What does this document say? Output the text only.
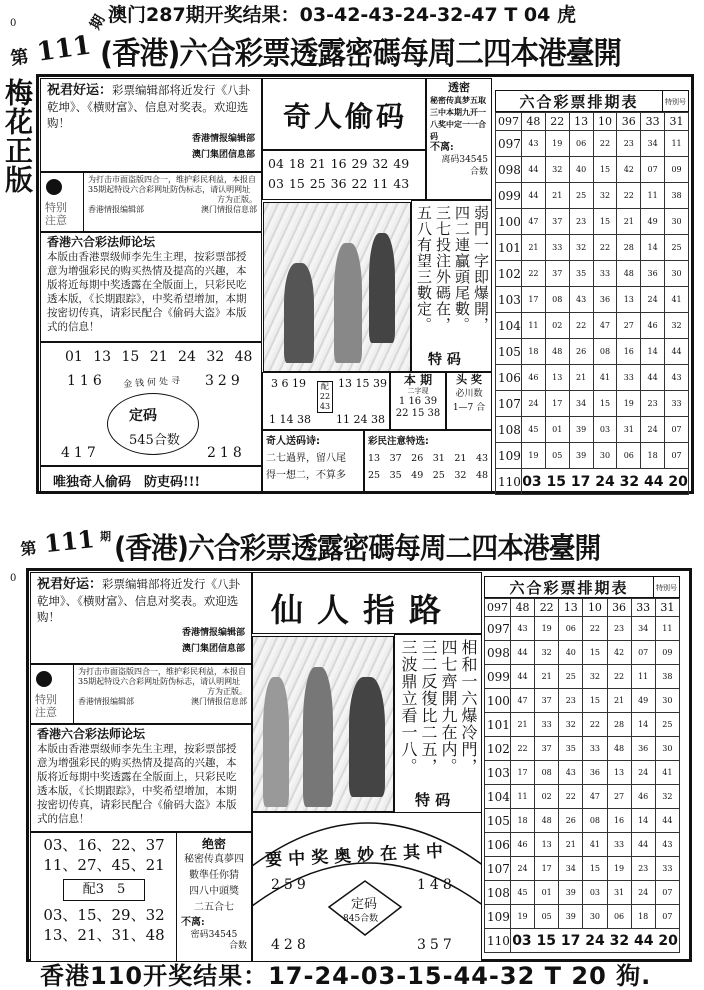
澳门287期开奖结果：03-42-43-24-32-47 T 04 虎
0
第 111
期
(香港)六合彩票透露密碼每周二四本港臺開
梅花正版 祝君好运：彩票编辑部将近发行《八卦乾坤》、《横财富》、信息对奖表。欢迎选购！
香港情报编辑部
澳门集团信息部
特别注意
为打击市面盗版四合一，维护彩民利益，本报自35期起特设六合彩网址防伪标志，请认明网址
方为正版。
香港情报编辑部	澳门情报信息部
香港六合彩法师论坛
本版由香港票级师李先生主理，按彩票部授意为增强彩民的购买热情及提高的兴趣，本版将近每期中奖透露在全版面上，只彩民吃透本版，《长期跟踪》，中奖希望增加，本期按密切传真，请彩民配合《偷码大盗》本版式的信息！
01 13 15 21 24 32 48
116	329
金钱何处寻
定码
545合数
417	218
唯独奇人偷码　防吏码!!!
奇人偷码
04 18 21 16 29 32 49
03 15 25 36 22 11 43
透密
秘密传真梦五取三中本期九开一八奖中定一一合码
不离:
离码34545
合数
弱門一字即爆開，
四二連贏頭尾數。
三七投注外碼在，
五八有望三數定。
特 码
3 6 19
1 14 38
配
22
43
13 15 39
11 24 38
本 期
二字现
1 16 39
22 15 38
头 奖
必川数
1—7 合
奇人送码诗:
二七過界，留八尾
得一想二，不算多
彩民注意特选:
13　37　26　31　21　43
25　35　49　25　32　48
六合彩票排期表	特别号
097	48	22	13	10	36	33	31
097	43	19	06	22	23	34	11
098	44	32	40	15	42	07	09
099	44	21	25	32	22	11	38
100	47	37	23	15	21	49	30
101	21	33	32	22	28	14	25
102	22	37	35	33	48	36	30
103	17	08	43	36	13	24	41
104	11	02	22	47	27	46	32
105	18	48	26	08	16	14	44
106	46	13	21	41	33	44	43
107	24	17	34	15	19	23	33
108	45	01	39	03	31	24	07
109	19	05	39	30	06	18	07
110	03 15 17 24 32 44 20						
0
第 111 期 (香港)六合彩票透露密碼每周二四本港臺開
祝君好运：彩票编辑部将近发行《八卦乾坤》、《横财富》、信息对奖表。欢迎选购！
香港情报编辑部
澳门集团信息部
特别注意
为打击市面盗版四合一，维护彩民利益，本报自35期起特设六合彩网址防伪标志，请认明网址
方为正版。
香港情报编辑部	澳门情报信息部
香港六合彩法师论坛
本版由香港票级师李先生主理，按彩票部授意为增强彩民的购买热情及提高的兴趣，本版将近每期中奖透露在全版面上，只彩民吃透本版，《长期跟踪》，中奖希望增加，本期按密切传真，请彩民配合《偷码大盗》本版式的信息！
03、16、22、37
11、27、45、21
配3　5
03、15、29、32
13、21、31、48
绝密
秘密传真夢四
數準任你猜
四八中頭獎
二五合七
不离:
密码34545
合数
仙人指路
相和一六爆冷門，
四七齊開九在内。
三二反復比二五，
三波鼎立看一八。
特 码
要中奖奥妙在其中
定码
845合数
259	148
428	357
六合彩票排期表	特别号
097	48	22	13	10	36	33	31
097	43	19	06	22	23	34	11
098	44	32	40	15	42	07	09
099	44	21	25	32	22	11	38
100	47	37	23	15	21	49	30
101	21	33	32	22	28	14	25
102	22	37	35	33	48	36	30
103	17	08	43	36	13	24	41
104	11	02	22	47	27	46	32
105	18	48	26	08	16	14	44
106	46	13	21	41	33	44	43
107	24	17	34	15	19	23	33
108	45	01	39	03	31	24	07
109	19	05	39	30	06	18	07
110	03 15 17 24 32 44 20						
香港110开奖结果：17-24-03-15-44-32 T 20 狗.
